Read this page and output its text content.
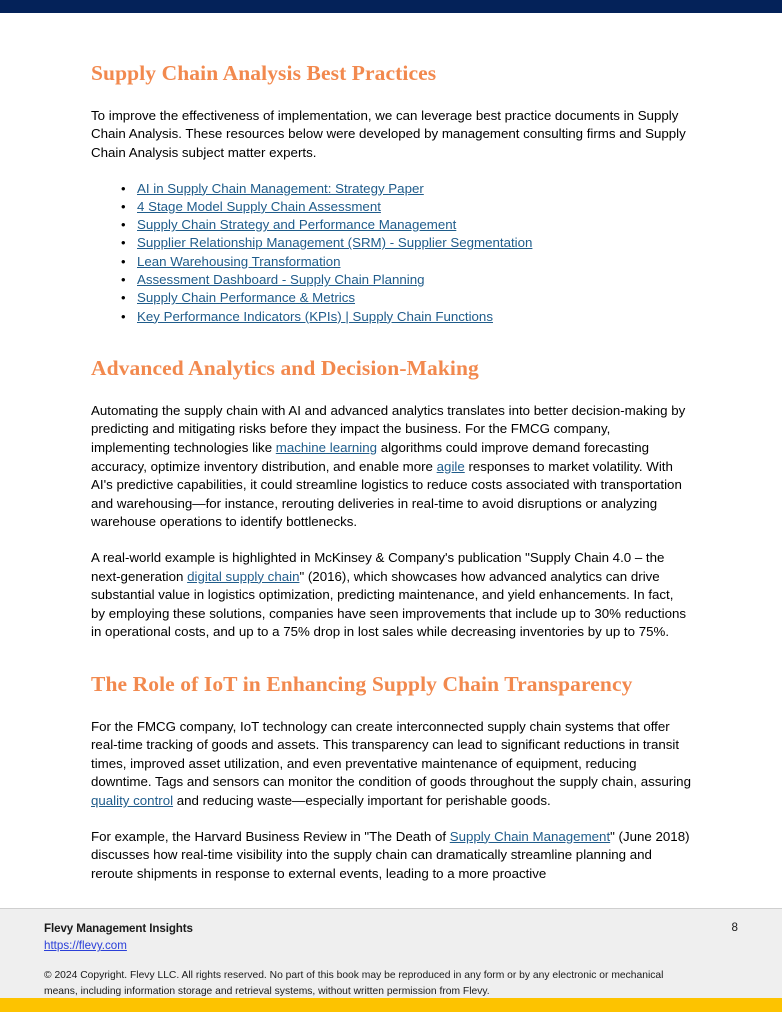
Supply Chain Analysis Best Practices

To improve the effectiveness of implementation, we can leverage best practice documents in Supply Chain Analysis. These resources below were developed by management consulting firms and Supply Chain Analysis subject matter experts.

• AI in Supply Chain Management: Strategy Paper
• 4 Stage Model Supply Chain Assessment
• Supply Chain Strategy and Performance Management
• Supplier Relationship Management (SRM) - Supplier Segmentation
• Lean Warehousing Transformation
• Assessment Dashboard - Supply Chain Planning
• Supply Chain Performance & Metrics
• Key Performance Indicators (KPIs) | Supply Chain Functions
Advanced Analytics and Decision-Making

Automating the supply chain with AI and advanced analytics translates into better decision-making by predicting and mitigating risks before they impact the business. For the FMCG company, implementing technologies like machine learning algorithms could improve demand forecasting accuracy, optimize inventory distribution, and enable more agile responses to market volatility. With AI's predictive capabilities, it could streamline logistics to reduce costs associated with transportation and warehousing—for instance, rerouting deliveries in real-time to avoid disruptions or analyzing warehouse operations to identify bottlenecks.

A real-world example is highlighted in McKinsey & Company's publication "Supply Chain 4.0 – the next-generation digital supply chain" (2016), which showcases how advanced analytics can drive substantial value in logistics optimization, predicting maintenance, and yield enhancements. In fact, by employing these solutions, companies have seen improvements that include up to 30% reductions in operational costs, and up to a 75% drop in lost sales while decreasing inventories by up to 75%.

The Role of IoT in Enhancing Supply Chain Transparency

For the FMCG company, IoT technology can create interconnected supply chain systems that offer real-time tracking of goods and assets. This transparency can lead to significant reductions in transit times, improved asset utilization, and even preventative maintenance of equipment, reducing downtime. Tags and sensors can monitor the condition of goods throughout the supply chain, assuring quality control and reducing waste—especially important for perishable goods.

For example, the Harvard Business Review in "The Death of Supply Chain Management" (June 2018) discusses how real-time visibility into the supply chain can dramatically streamline planning and reroute shipments in response to external events, leading to a more proactive

Flevy Management Insights
https://flevy.com
8
© 2024 Copyright. Flevy LLC. All rights reserved. No part of this book may be reproduced in any form or by any electronic or mechanical means, including information storage and retrieval systems, without written permission from Flevy.
